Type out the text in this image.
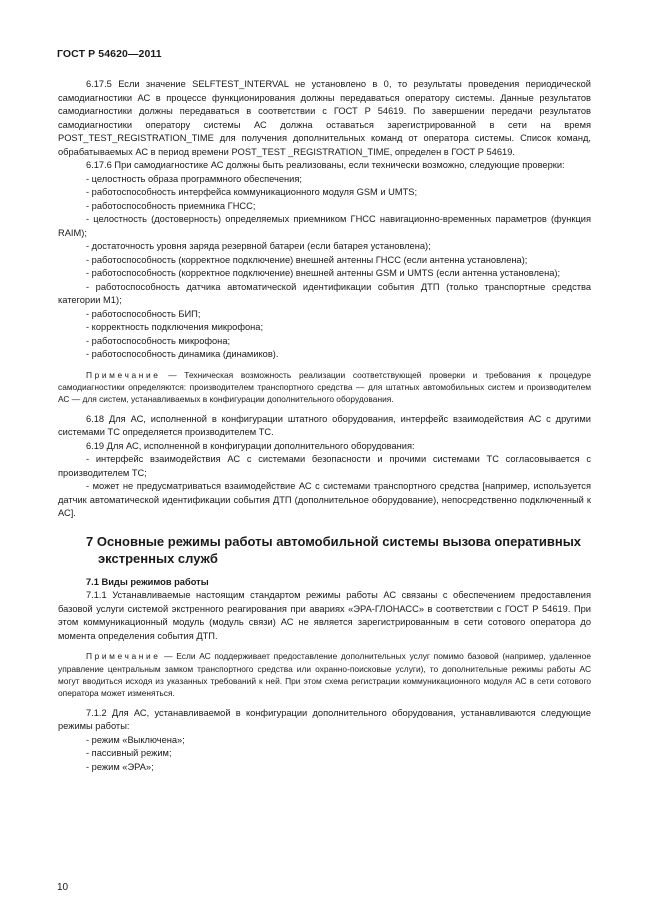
ГОСТ Р 54620—2011

6.17.5 Если значение SELFTEST_INTERVAL не установлено в 0, то результаты проведения периодической самодиагностики АС в процессе функционирования должны передаваться оператору системы. Данные результатов самодиагностики должны передаваться в соответствии с ГОСТ Р 54619. По завершении передачи результатов самодиагностики оператору системы АС должна оставаться зарегистрированной в сети на время POST_TEST_REGISTRATION_TIME для получения дополнительных команд от оператора системы. Список команд, обрабатываемых АС в период времени POST_TEST _REGISTRATION_TIME, определен в ГОСТ Р 54619.

6.17.6 При самодиагностике АС должны быть реализованы, если технически возможно, следующие проверки:

- целостность образа программного обеспечения;

- работоспособность интерфейса коммуникационного модуля GSM и UMTS;

- работоспособность приемника ГНСС;

- целостность (достоверность) определяемых приемником ГНСС навигационно-временных параметров (функция RAIM);

- достаточность уровня заряда резервной батареи (если батарея установлена);

- работоспособность (корректное подключение) внешней антенны ГНСС (если антенна установлена);

- работоспособность (корректное подключение) внешней антенны GSM и UMTS (если антенна установлена);

- работоспособность датчика автоматической идентификации события ДТП (только транспортные средства категории М1);

- работоспособность БИП;

- корректность подключения микрофона;

- работоспособность микрофона;

- работоспособность динамика (динамиков).

Примечание — Техническая возможность реализации соответствующей проверки и требования к процедуре самодиагностики определяются: производителем транспортного средства — для штатных автомобильных систем и производителем АС — для систем, устанавливаемых в конфигурации дополнительного оборудования.

6.18 Для АС, исполненной в конфигурации штатного оборудования, интерфейс взаимодействия АС с другими системами ТС определяется производителем ТС.

6.19 Для АС, исполненной в конфигурации дополнительного оборудования:

- интерфейс взаимодействия АС с системами безопасности и прочими системами ТС согласовывается с производителем ТС;

- может не предусматриваться взаимодействие АС с системами транспортного средства [например, используется датчик автоматической идентификации события ДТП (дополнительное оборудование), непосредственно подключенный к АС].

7 Основные режимы работы автомобильной системы вызова оперативных
экстренных служб

7.1 Виды режимов работы

7.1.1 Устанавливаемые настоящим стандартом режимы работы АС связаны с обеспечением предоставления базовой услуги системой экстренного реагирования при авариях «ЭРА-ГЛОНАСС» в соответствии с ГОСТ Р 54619. При этом коммуникационный модуль (модуль связи) АС не является зарегистрированным в сети сотового оператора до момента определения события ДТП.

Примечание — Если АС поддерживает предоставление дополнительных услуг помимо базовой (например, удаленное управление центральным замком транспортного средства или охранно-поисковые услуги), то дополнительные режимы работы АС могут вводиться исходя из указанных требований к ней. При этом схема регистрации коммуникационного модуля АС в сети сотового оператора может изменяться.

7.1.2 Для АС, устанавливаемой в конфигурации дополнительного оборудования, устанавливаются следующие режимы работы:

- режим «Выключена»;

- пассивный режим;

- режим «ЭРА»;

10
